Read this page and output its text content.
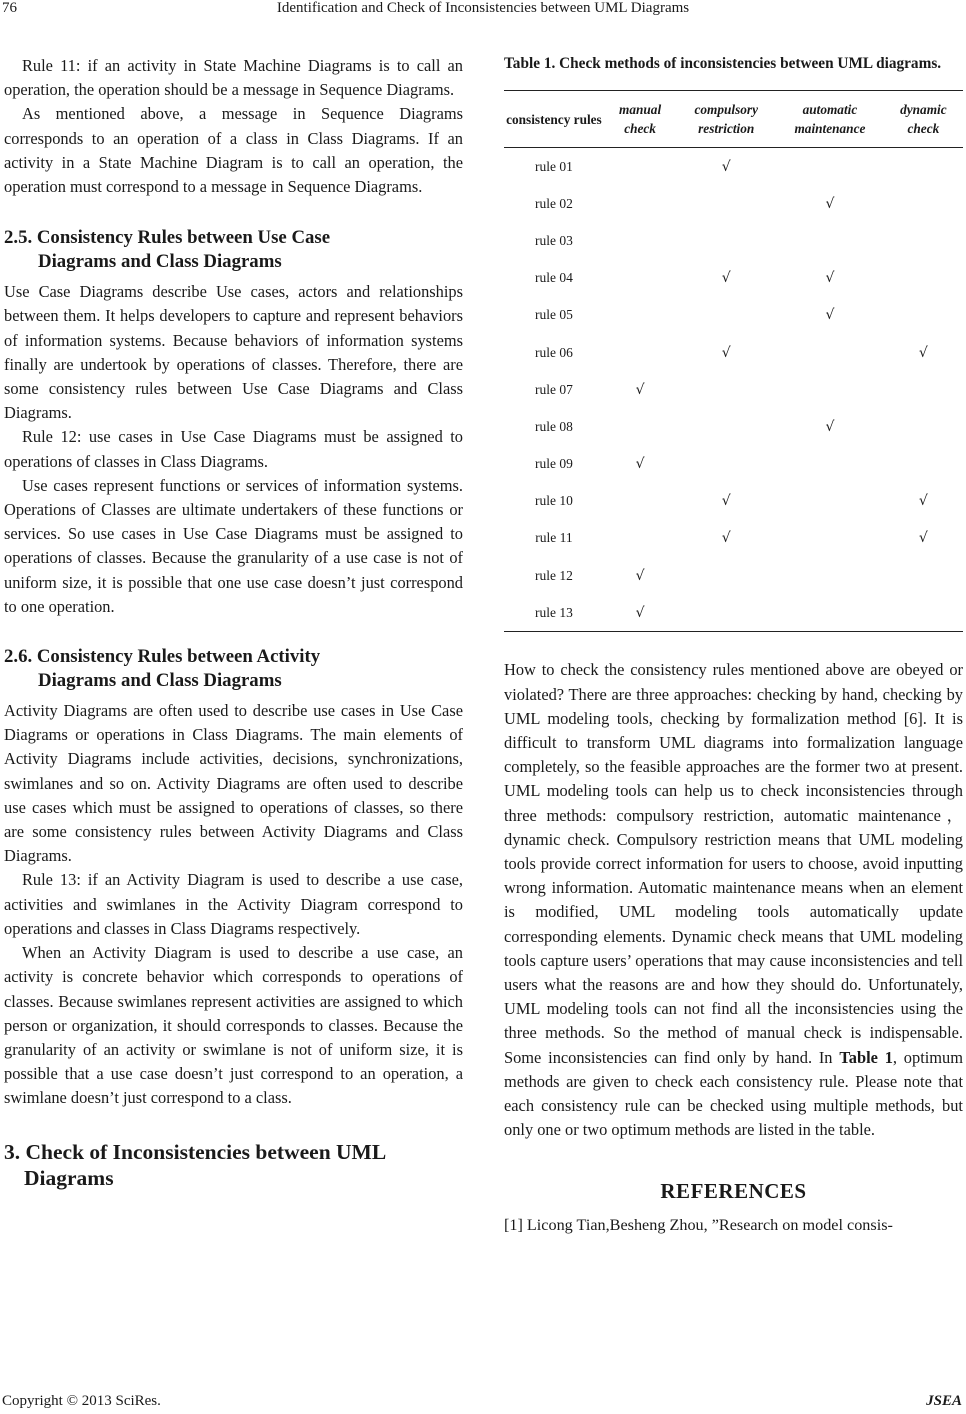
76	Identification and Check of Inconsistencies between UML Diagrams

Rule 11: if an activity in State Machine Diagrams is to call an operation, the operation should be a message in Sequence Diagrams.

As mentioned above, a message in Sequence Diagrams corresponds to an operation of a class in Class Diagrams. If an activity in a State Machine Diagram is to call an operation, the operation must correspond to a message in Sequence Diagrams.

2.5. Consistency Rules between Use Case
Diagrams and Class Diagrams

Use Case Diagrams describe Use cases, actors and relationships between them. It helps developers to capture and represent behaviors of information systems. Because behaviors of information systems finally are undertook by operations of classes. Therefore, there are some consistency rules between Use Case Diagrams and Class Diagrams.

Rule 12: use cases in Use Case Diagrams must be assigned to operations of classes in Class Diagrams.

Use cases represent functions or services of information systems. Operations of Classes are ultimate undertakers of these functions or services. So use cases in Use Case Diagrams must be assigned to operations of classes. Because the granularity of a use case is not of uniform size, it is possible that one use case doesn’t just correspond to one operation.

2.6. Consistency Rules between Activity
Diagrams and Class Diagrams

Activity Diagrams are often used to describe use cases in Use Case Diagrams or operations in Class Diagrams. The main elements of Activity Diagrams include activities, decisions, synchronizations, swimlanes and so on. Activity Diagrams are often used to describe use cases which must be assigned to operations of classes, so there are some consistency rules between Activity Diagrams and Class Diagrams.

Rule 13: if an Activity Diagram is used to describe a use case, activities and swimlanes in the Activity Diagram correspond to operations and classes in Class Diagrams respectively.

When an Activity Diagram is used to describe a use case, an activity is concrete behavior which corresponds to operations of classes. Because swimlanes represent activities are assigned to which person or organization, it should corresponds to classes. Because the granularity of an activity or swimlane is not of uniform size, it is possible that a use case doesn’t just correspond to an operation, a swimlane doesn’t just correspond to a class.

3. Check of Inconsistencies between UML
Diagrams

Table 1. Check methods of inconsistencies between UML diagrams.

consistency rules	manual check	compulsory restriction	automatic maintenance	dynamic check
rule 01		√		
rule 02			√	
rule 03				
rule 04		√	√	
rule 05			√	
rule 06		√		√
rule 07	√			
rule 08			√	
rule 09	√			
rule 10		√		√
rule 11		√		√
rule 12	√			
rule 13	√			

How to check the consistency rules mentioned above are obeyed or violated? There are three approaches: checking by hand, checking by UML modeling tools, checking by formalization method [6]. It is difficult to transform UML diagrams into formalization language completely, so the feasible approaches are the former two at present. UML modeling tools can help us to check inconsistencies through three methods: compulsory restriction, automatic maintenance，dynamic check. Compulsory restriction means that UML modeling tools provide correct information for users to choose, avoid inputting wrong information. Automatic maintenance means when an element is modified, UML modeling tools automatically update corresponding elements. Dynamic check means that UML modeling tools capture users’ operations that may cause inconsistencies and tell users what the reasons are and how they should do. Unfortunately, UML modeling tools can not find all the inconsistencies using the three methods. So the method of manual check is indispensable. Some inconsistencies can find only by hand. In Table 1, optimum methods are given to check each consistency rule. Please note that each consistency rule can be checked using multiple methods, but only one or two optimum methods are listed in the table.

REFERENCES

[1] Licong Tian,Besheng Zhou, ”Research on model consis-

Copyright © 2013 SciRes.	JSEA
